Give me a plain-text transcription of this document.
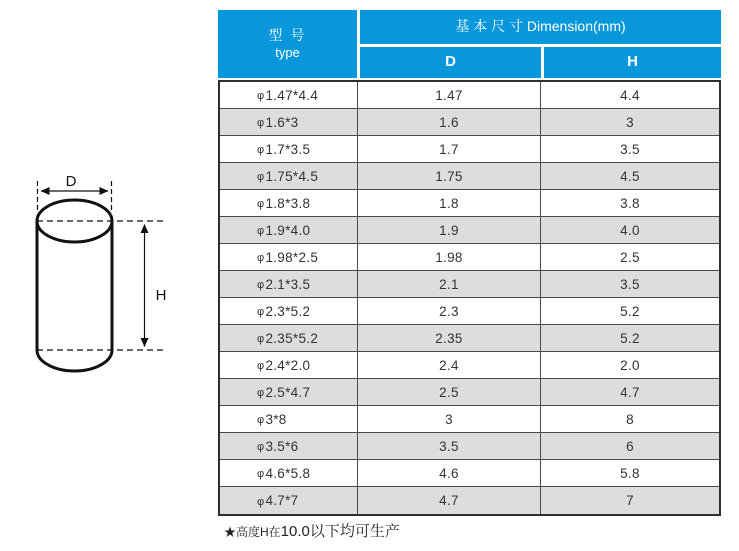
D
H
型 号
type
基 本 尺 寸 Dimension(mm)
D	H
φ 1.47*4.4	1.47	4.4
φ 1.6*3	1.6	3
φ 1.7*3.5	1.7	3.5
φ 1.75*4.5	1.75	4.5
φ 1.8*3.8	1.8	3.8
φ 1.9*4.0	1.9	4.0
φ 1.98*2.5	1.98	2.5
φ 2.1*3.5	2.1	3.5
φ 2.3*5.2	2.3	5.2
φ 2.35*5.2	2.35	5.2
φ 2.4*2.0	2.4	2.0
φ 2.5*4.7	2.5	4.7
φ 3*8	3	8
φ 3.5*6	3.5	6
φ 4.6*5.8	4.6	5.8
φ 4.7*7	4.7	7
★高度H在10.0以下均可生产
